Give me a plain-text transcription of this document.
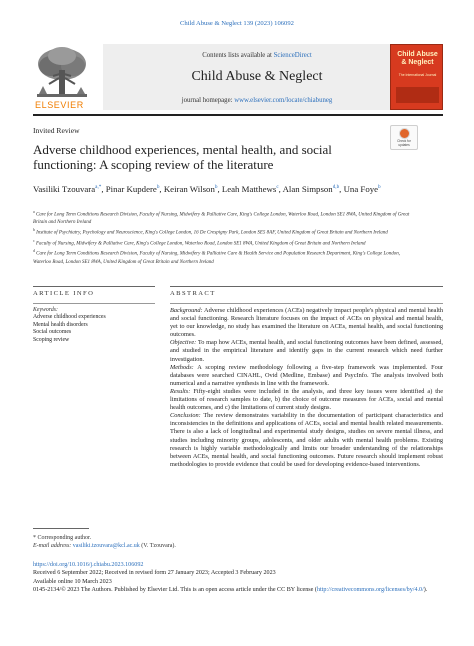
Child Abuse & Neglect 139 (2023) 106092
ELSEVIER
Contents lists available at ScienceDirect
Child Abuse & Neglect
journal homepage: www.elsevier.com/locate/chiabuneg
Child Abuse & Neglect
The International Journal
Invited Review
Check for
updates
Adverse childhood experiences, mental health, and social functioning: A scoping review of the literature
Vasiliki Tzouvara$^{a,*}$, Pinar Kupdere$^b$, Keiran Wilson$^b$, Leah Matthews$^c$, Alan Simpson$^{d,b}$, Una Foye$^b$

$^a$ Care for Long Term Conditions Research Division, Faculty of Nursing, Midwifery & Palliative Care, King's College London, Waterloo Road, London SE1 8WA, United Kingdom of Great Britain and Northern Ireland

$^b$ Institute of Psychiatry, Psychology and Neuroscience, King's College London, 16 De Crespigny Park, London SE5 8AF, United Kingdom of Great Britain and Northern Ireland

$^c$ Faculty of Nursing, Midwifery & Palliative Care, King's College London, Waterloo Road, London SE1 8WA, United Kingdom of Great Britain and Northern Ireland

$^d$ Care for Long Term Conditions Research Division, Faculty of Nursing, Midwifery & Palliative Care & Health Service and Population Research Department, King's College London, Waterloo Road, London SE1 8WA, United Kingdom of Great Britain and Northern Ireland

ARTICLE INFO	ABSTRACT
Keywords:
Adverse childhood experiences
Mental health disorders
Social outcomes
Scoping review

Background: Adverse childhood experiences (ACEs) negatively impact people's physical and mental health and social functioning. Research literature focuses on the impact of ACEs on physical and mental health, yet to our knowledge, no study has examined the literature on ACEs, mental health, and social functioning outcomes.

Objective: To map how ACEs, mental health, and social functioning outcomes have been defined, assessed, and studied in the empirical literature and identify gaps in the current research which need further investigation.

Methods: A scoping review methodology following a five-step framework was implemented. Four databases were searched CINAHL, Ovid (Medline, Embase) and PsycInfo. The analysis involved both numerical and a narrative synthesis in line with the framework.

Results: Fifty-eight studies were included in the analysis, and three key issues were identified a) the limitations of research samples to date, b) the choice of outcome measures for ACEs, social and mental health outcomes, and c) the limitations of current study designs.

Conclusion: The review demonstrates variability in the documentation of participant characteristics and inconsistencies in the definitions and applications of ACEs, social and mental health related measurements. There is also a lack of longitudinal and experimental study designs, studies on severe mental illness, and studies including minority groups, adolescents, and older adults with mental health problems. Existing research is highly variable methodologically and limits our broader understanding of the relationships between ACEs, mental health, and social functioning outcomes. Future research should implement robust methodologies to provide evidence that could be used for developing evidence-based interventions.

* Corresponding author.
E-mail address: vasiliki.tzouvara@kcl.ac.uk (V. Tzouvara).
https://doi.org/10.1016/j.chiabu.2023.106092
Received 6 September 2022; Received in revised form 27 January 2023; Accepted 3 February 2023
Available online 10 March 2023
0145-2134/© 2023 The Authors. Published by Elsevier Ltd. This is an open access article under the CC BY license (http://creativecommons.org/licenses/by/4.0/).
